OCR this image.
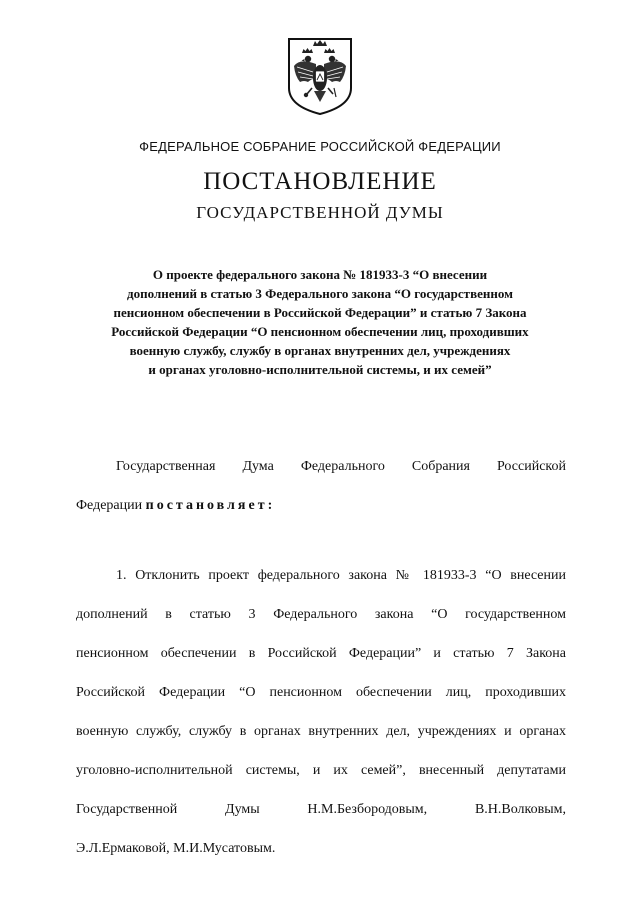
ФЕДЕРАЛЬНОЕ СОБРАНИЕ РОССИЙСКОЙ ФЕДЕРАЦИИ
ПОСТАНОВЛЕНИЕ
ГОСУДАРСТВЕННОЙ ДУМЫ
О проекте федерального закона № 181933-3 “О внесении
дополнений в статью 3 Федерального закона “О государственном
пенсионном обеспечении в Российской Федерации” и статью 7 Закона
Российской Федерации “О пенсионном обеспечении лиц, проходивших
военную службу, службу в органах внутренних дел, учреждениях
и органах уголовно-исполнительной системы, и их семей”
Государственная Дума Федерального Собрания Российской
Федерации постановляет:
1. Отклонить проект федерального закона № 181933-3 “О внесении
дополнений в статью 3 Федерального закона “О государственном
пенсионном обеспечении в Российской Федерации” и статью 7 Закона
Российской Федерации “О пенсионном обеспечении лиц, проходивших
военную службу, службу в органах внутренних дел, учреждениях и органах
уголовно-исполнительной системы, и их семей”, внесенный депутатами
Государственной Думы Н.М.Безбородовым, В.Н.Волковым,
Э.Л.Ермаковой, М.И.Мусатовым.
